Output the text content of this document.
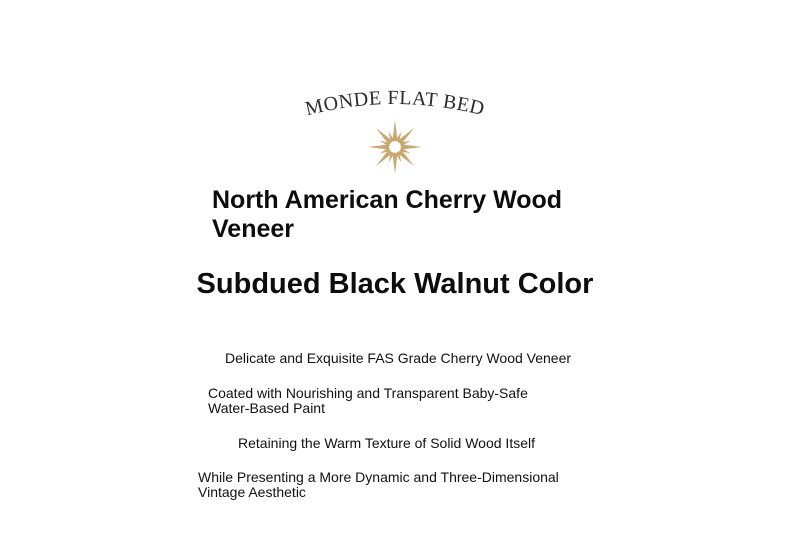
MONDE FLAT BED
North American Cherry Wood Veneer
Subdued Black Walnut Color

Delicate and Exquisite FAS Grade Cherry Wood Veneer

Coated with Nourishing and Transparent Baby-Safe Water-Based Paint

Retaining the Warm Texture of Solid Wood Itself

While Presenting a More Dynamic and Three-Dimensional Vintage Aesthetic
